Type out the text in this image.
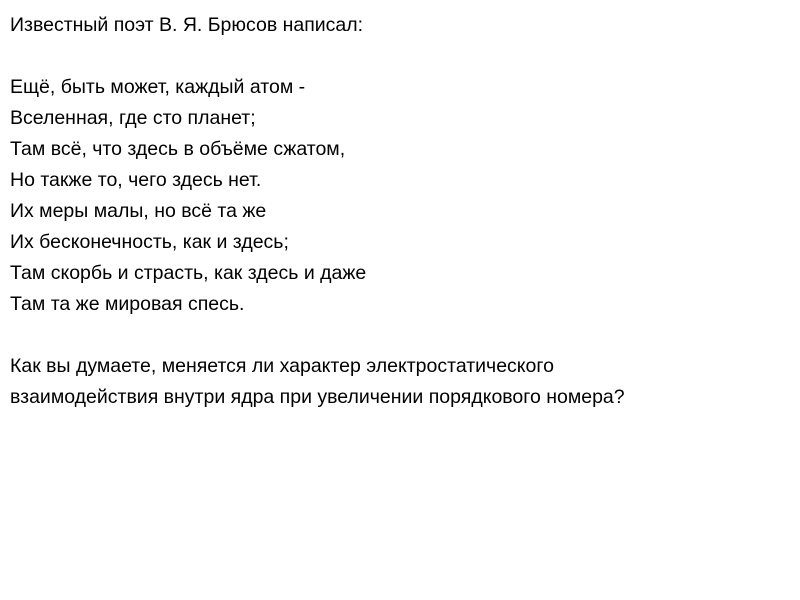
Известный поэт В. Я. Брюсов написал:
Ещё, быть может, каждый атом -
Вселенная, где сто планет;
Там всё, что здесь в объёме сжатом,
Но также то, чего здесь нет.
Их меры малы, но всё та же
Их бесконечность, как и здесь;
Там скорбь и страсть, как здесь и даже
Там та же мировая спесь.
Как вы думаете, меняется ли характер электростатического
взаимодействия внутри ядра при увеличении порядкового номера?
